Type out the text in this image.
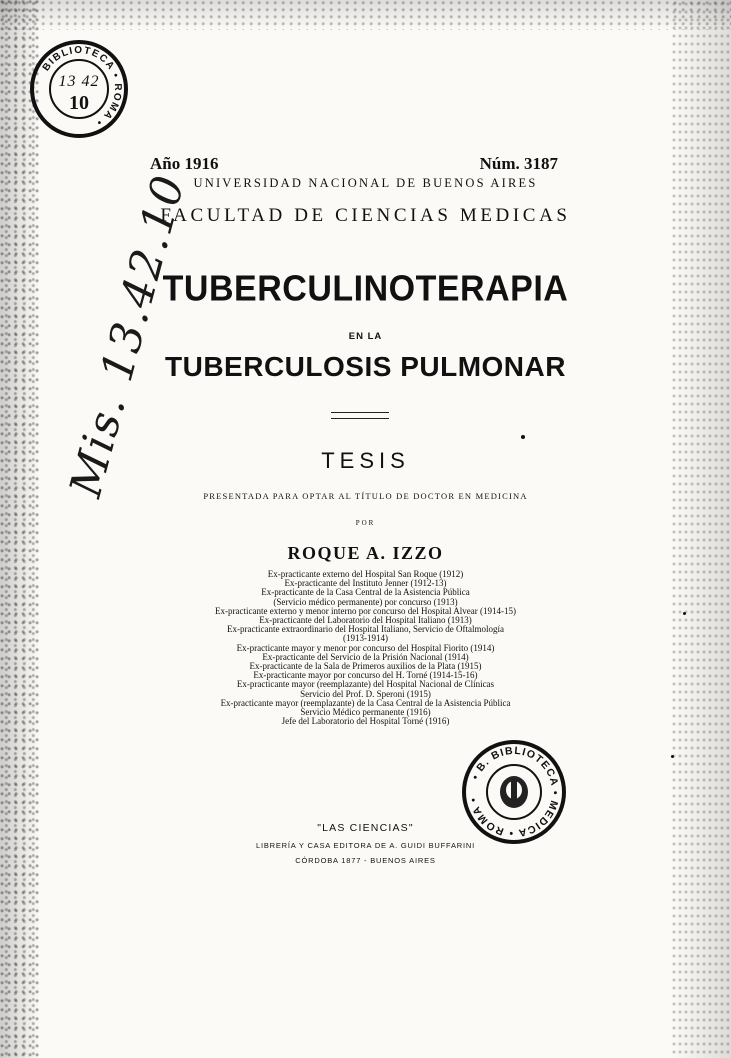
BIBLIOTECA • ROMA •
13 42
10
Mis. 13.42.10
Año 1916	Núm. 3187
UNIVERSIDAD NACIONAL DE BUENOS AIRES
FACULTAD DE CIENCIAS MEDICAS
TUBERCULINOTERAPIA
EN LA
TUBERCULOSIS PULMONAR
TESIS
PRESENTADA PARA OPTAR AL TÍTULO DE DOCTOR EN MEDICINA
POR
ROQUE A. IZZO
Ex-practicante externo del Hospital San Roque (1912)
Ex-practicante del Instituto Jenner (1912-13)
Ex-practicante de la Casa Central de la Asistencia Pública
(Servicio médico permanente) por concurso (1913)
Ex-practicante externo y menor interno por concurso del Hospital Alvear (1914-15)
Ex-practicante del Laboratorio del Hospital Italiano (1913)
Ex-practicante extraordinario del Hospital Italiano, Servicio de Oftalmología
(1913-1914)
Ex-practicante mayor y menor por concurso del Hospital Fiorito (1914)
Ex-practicante del Servicio de la Prisión Nacional (1914)
Ex-practicante de la Sala de Primeros auxilios de la Plata (1915)
Ex-practicante mayor por concurso del H. Torné (1914-15-16)
Ex-practicante mayor (reemplazante) del Hospital Nacional de Clínicas
Servicio del Prof. D. Speroni (1915)
Ex-practicante mayor (reemplazante) de la Casa Central de la Asistencia Pública
Servicio Médico permanente (1916)
Jefe del Laboratorio del Hospital Torné (1916)
• B. BIBLIOTECA • MEDICA • ROMA •
"LAS CIENCIAS"
LIBRERÍA Y CASA EDITORA DE A. GUIDI BUFFARINI
CÓRDOBA 1877 - BUENOS AIRES
